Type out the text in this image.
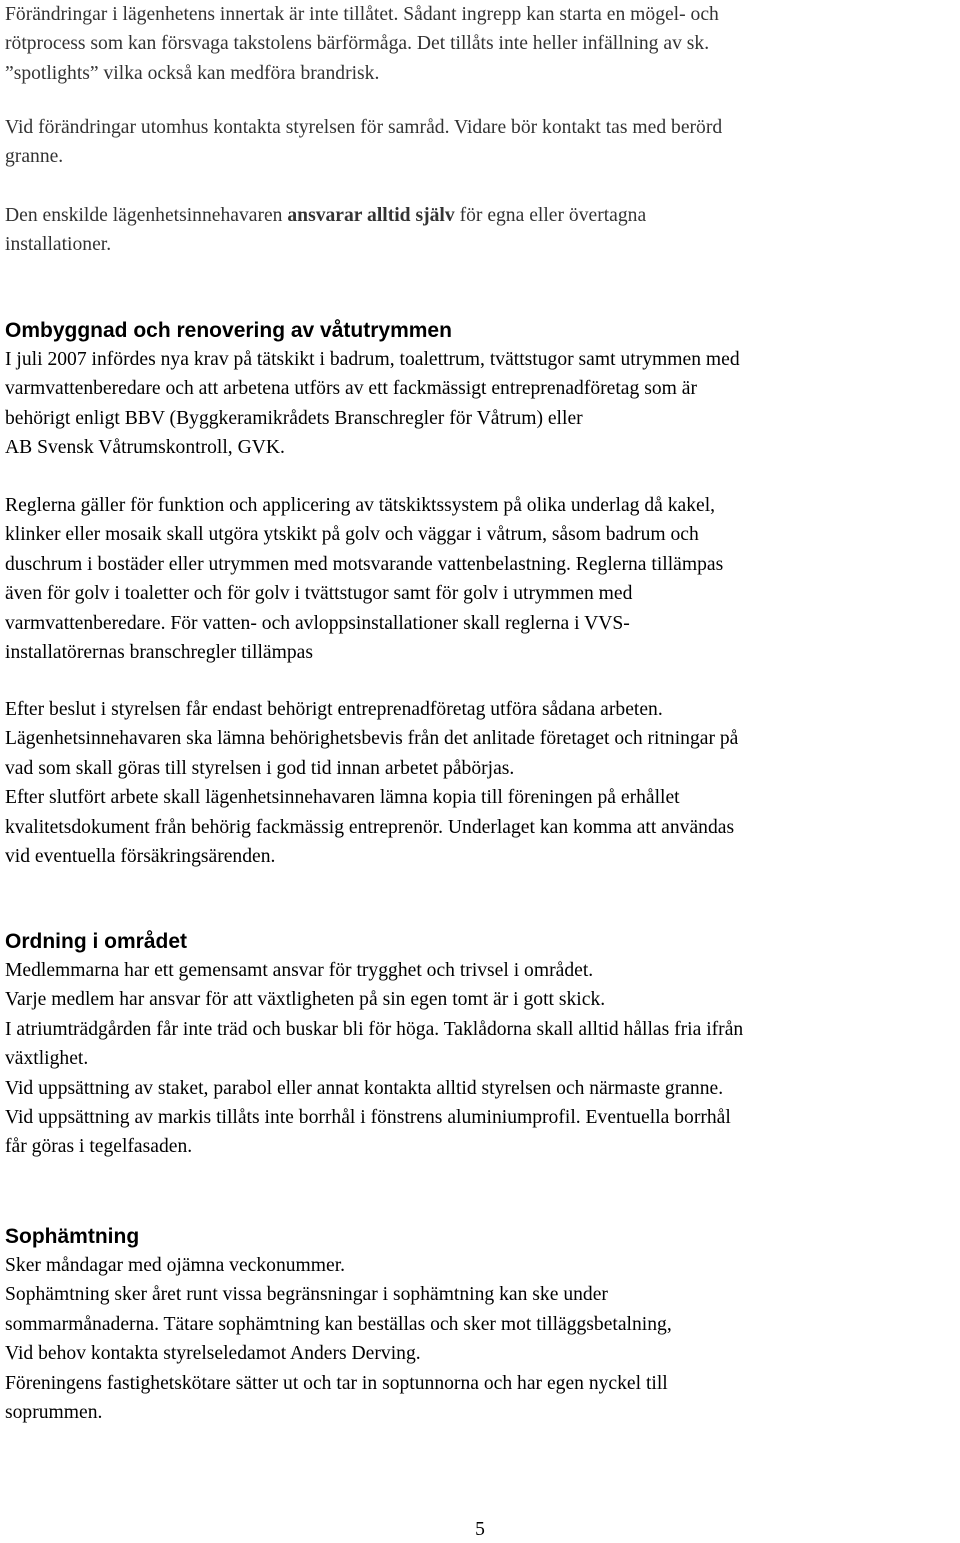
Förändringar i lägenhetens innertak är inte tillåtet. Sådant ingrepp kan starta en mögel- och
rötprocess som kan försvaga takstolens bärförmåga. Det tillåts inte heller infällning av sk.
”spotlights” vilka också kan medföra brandrisk.

Vid förändringar utomhus kontakta styrelsen för samråd. Vidare bör kontakt tas med berörd
granne.

Den enskilde lägenhetsinnehavaren ansvarar alltid själv för egna eller övertagna
installationer.

Ombyggnad och renovering av våtutrymmen

I juli 2007 infördes nya krav på tätskikt i badrum, toalettrum, tvättstugor samt utrymmen med
varmvattenberedare och att arbetena utförs av ett fackmässigt entreprenadföretag som är
behörigt enligt BBV (Byggkeramikrådets Branschregler för Våtrum) eller
AB Svensk Våtrumskontroll, GVK.

Reglerna gäller för funktion och applicering av tätskiktssystem på olika underlag då kakel,
klinker eller mosaik skall utgöra ytskikt på golv och väggar i våtrum, såsom badrum och
duschrum i bostäder eller utrymmen med motsvarande vattenbelastning. Reglerna tillämpas
även för golv i toaletter och för golv i tvättstugor samt för golv i utrymmen med
varmvattenberedare. För vatten- och avloppsinstallationer skall reglerna i VVS-
installatörernas branschregler tillämpas

Efter beslut i styrelsen får endast behörigt entreprenadföretag utföra sådana arbeten.
Lägenhetsinnehavaren ska lämna behörighetsbevis från det anlitade företaget och ritningar på
vad som skall göras till styrelsen i god tid innan arbetet påbörjas.
Efter slutfört arbete skall lägenhetsinnehavaren lämna kopia till föreningen på erhållet
kvalitetsdokument från behörig fackmässig entreprenör. Underlaget kan komma att användas
vid eventuella försäkringsärenden.

Ordning i området

Medlemmarna har ett gemensamt ansvar för trygghet och trivsel i området.
Varje medlem har ansvar för att växtligheten på sin egen tomt är i gott skick.
I atriumträdgården får inte träd och buskar bli för höga. Taklådorna skall alltid hållas fria ifrån
växtlighet.
Vid uppsättning av staket, parabol eller annat kontakta alltid styrelsen och närmaste granne.
Vid uppsättning av markis tillåts inte borrhål i fönstrens aluminiumprofil. Eventuella borrhål
får göras i tegelfasaden.

Sophämtning

Sker måndagar med ojämna veckonummer.
Sophämtning sker året runt vissa begränsningar i sophämtning kan ske under
sommarmånaderna. Tätare sophämtning kan beställas och sker mot tilläggsbetalning,
Vid behov kontakta styrelseledamot Anders Derving.
Föreningens fastighetskötare sätter ut och tar in soptunnorna och har egen nyckel till
soprummen.

5
